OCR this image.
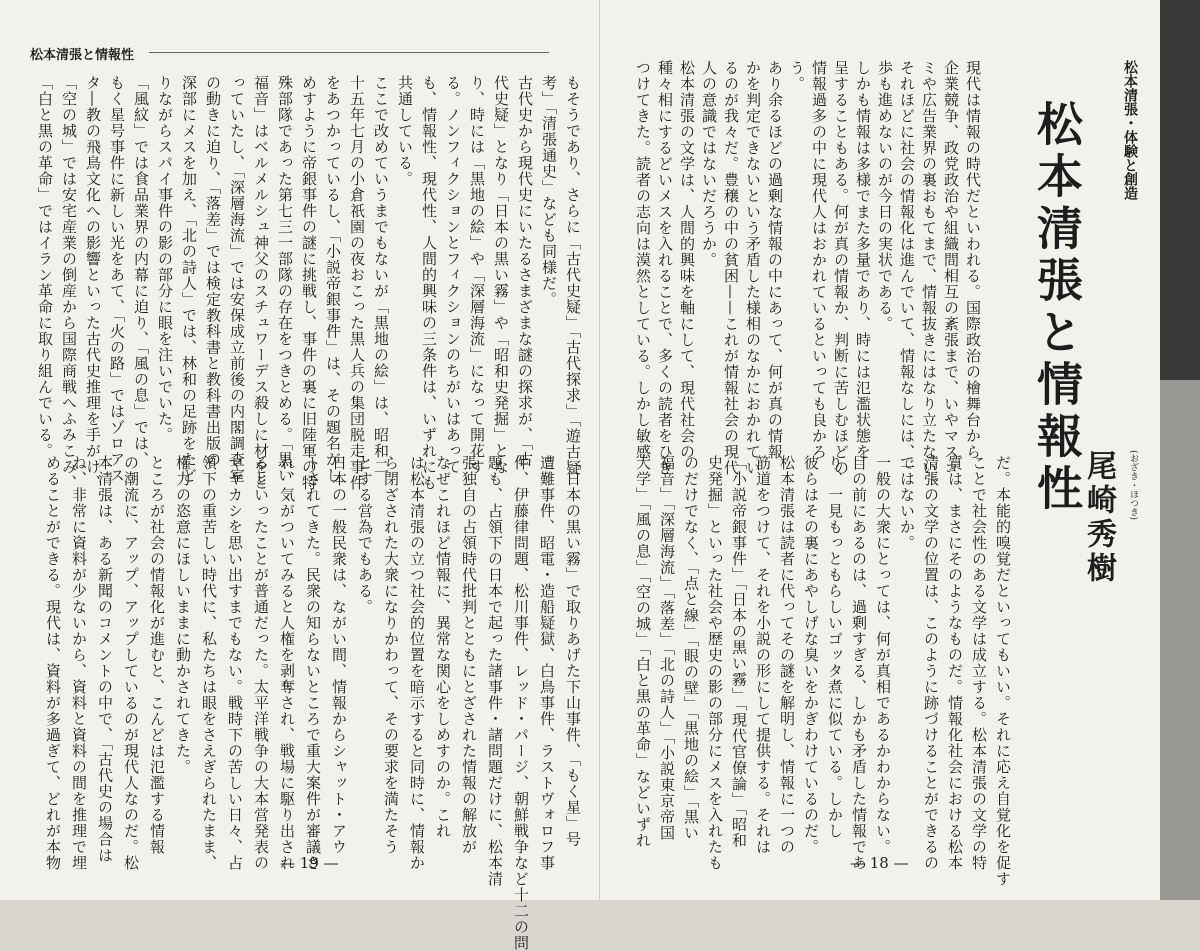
松本清張と情報性
もそうであり、さらに「古代史疑」「古代探求」「遊古疑
考」「清張通史」なども同様だ。
古代史から現代史にいたるさまざまな謎の探求が、「古
代史疑」となり「日本の黒い霧」や「昭和史発掘」とな
り、時には「黒地の絵」や「深層海流」になって開花す
る。ノンフィクションとフィクションのちがいはあって
も、情報性、現代性、人間的興味の三条件は、いずれにも
共通している。
ここで改めていうまでもないが「黒地の絵」は、昭和二
十五年七月の小倉祇園の夜おこった黒人兵の集団脱走事件
をあつかっているし、「小説帝銀事件」は、その題名がし
めすように帝銀事件の謎に挑戦し、事件の裏に旧陸軍の特
殊部隊であった第七三一部隊の存在をつきとめる。「黒い
福音」はベルメルシュ神父のスチュワーデス殺しに材をと
っていたし、「深層海流」では安保成立前後の内閣調査室
の動きに迫り、「落差」では検定教科書と教科書出版の
深部にメスを加え、「北の詩人」では、林和の足跡をたど
りながらスパイ事件の影の部分に眼を注いでいた。
「風紋」では食品業界の内幕に迫り、「風の息」では、
もく星号事件に新しい光をあて、「火の路」ではゾロアス
タ―教の飛鳥文化への影響といった古代史推理を手がけ、
「空の城」では安宅産業の倒産から国際商戦へふみこみ、
「白と黒の革命」ではイラン革命に取り組んでいる。
「日本の黒い霧」で取りあげた下山事件、「もく星」号
遭難事件、昭電・造船疑獄、白鳥事件、ラストヴォロフ事
件、伊藤律問題、松川事件、レッド・パージ、朝鮮戦争など十二の問
題も、占領下の日本で起った諸事件・諸問題だけに、松本清
張独自の占領時代批判とともにとざされた情報の解放が
なぜこれほど情報に、異常な関心をしめすのか。これ
は松本清張の立つ社会的位置を暗示すると同時に、情報か
ら閉ざされた大衆になりかわって、その要求を満たそう
とする営為でもある。
日本の一般民衆は、ながい間、情報からシャット・アウ
トされてきた。民衆の知らないところで重大案件が審議さ
れ、気がついてみると人権を剥奪され、戦場に駆り出され
るといったことが普通だった。太平洋戦争の大本営発表の
マヤカシを思い出すまでもない。戦時下の苦しい日々、占
領下の重苦しい時代に、私たちは眼をさえぎられたまま、
権力の恣意にほしいままに動かされてきた。
ところが社会の情報化が進むと、こんどは氾濫する情報
の潮流に、アップ、アップしているのが現代人なのだ。松
本清張は、ある新聞のコメントの中で、「古代史の場合は
ね、非常に資料が少ないから、資料と資料の間を推理で埋
めることができる。現代は、資料が多過ぎて、どれが本物	— 19 —
松本清張・体験と創造
松本清張と情報性
尾崎秀樹	(おざき・ほつき)
現代は情報の時代だといわれる。国際政治の檜舞台から
企業競争、政党政治や組織間相互の紊張まで、いやマスコ
ミや広告業界の裏おもてまで、情報抜きにはなり立たない。
それほどに社会の情報化は進んでいて、情報なしには、一
歩も進めないのが今日の実状である。
しかも情報は多様でまた多量であり、時には氾濫状態を
呈することもある。何が真の情報か、判断に苦しむほどの
情報過多の中に現代人はおかれているといっても良かろ
う。
あり余るほどの過剰な情報の中にあって、何が真の情報
かを判定できないという矛盾した様相のなかにおかれてい
るのが我々だ。豊穣の中の貧困——これが情報社会の現代
人の意識ではないだろうか。
松本清張の文学は、人間的興味を軸にして、現代社会の
種々相にするどいメスを入れることで、多くの読者をひき
つけてきた。読者の志向は漠然としている。しかし敏感
だ。本能的嗅覚だといってもいい。それに応え自覚化を促す
ことで社会性のある文学は成立する。松本清張の文学の特
質は、まさにそのようなものだ。情報化社会における松本
清張の文学の位置は、このように跡づけることができるの
ではないか。
一般の大衆にとっては、何が真相であるかわからない。
目の前にあるのは、過剰すぎる、しかも矛盾した情報であ
り、一見もっともらしいゴッタ煮に似ている。しかし
彼らはその裏にあやしげな臭いをかぎわけているのだ。
松本清張は読者に代ってその謎を解明し、情報に一つの
筋道をつけて、それを小説の形にして提供する。それは
「小説帝銀事件」「日本の黒い霧」「現代官僚論」「昭和
史発掘」といった社会や歴史の影の部分にメスを入れたも
のだけでなく、「点と線」「眼の壁」「黒地の絵」「黒い
福音」「深層海流」「落差」「北の詩人」「小説東京帝国
大学」「風の息」「空の城」「白と黒の革命」などいずれ
— 18 —
